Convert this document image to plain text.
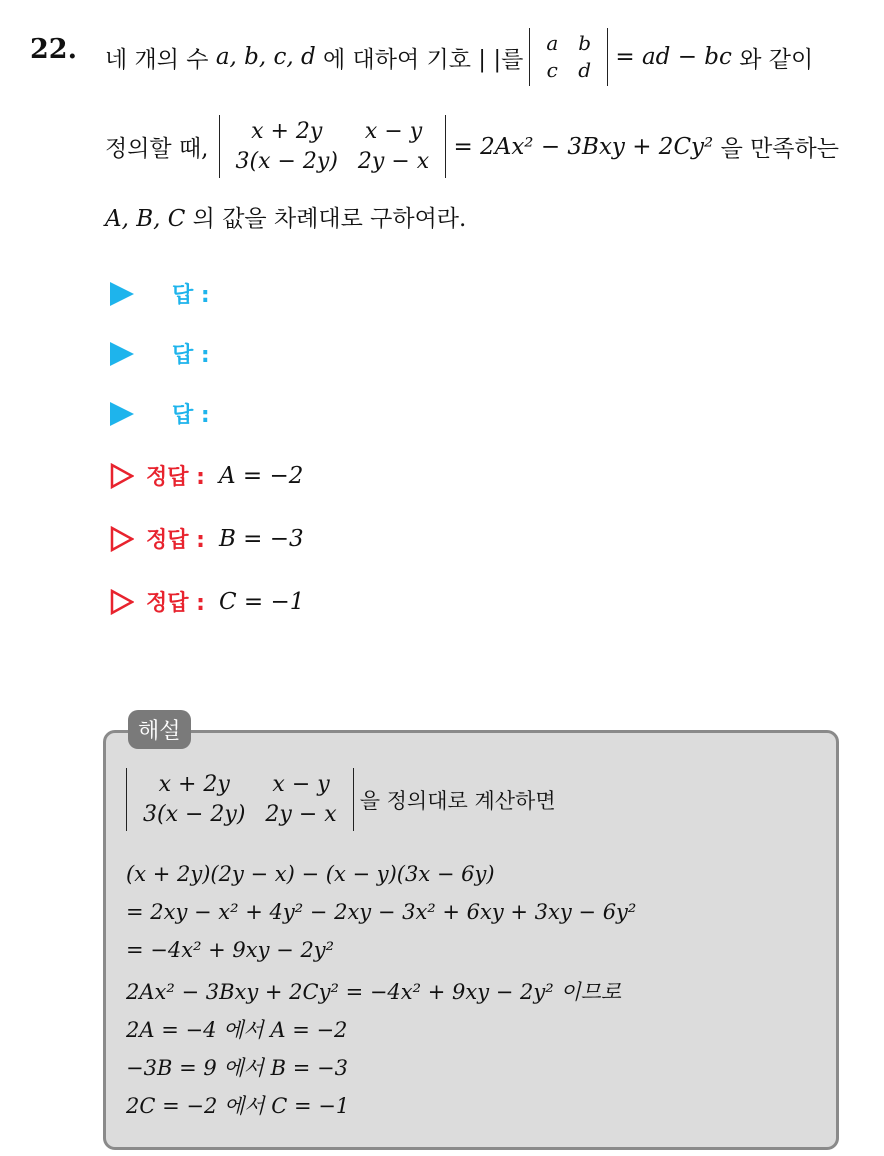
22. 네 개의 수
a, b, c, d
에 대하여 기호 | |를
a	b
c	d
= ad − bc
와 같이
정의할 때,
x + 2y	x − y
3(x − 2y)	2y − x

= 2Ax² − 3Bxy + 2Cy²
을 만족하는
A, B, C 의 값을 차례대로 구하여라.
답 :
답 :
답 :
정답 : A = −2
정답 : B = −3
정답 : C = −1
해설
x + 2y	x − y
3(x − 2y)	2y − x
을 정의대로 계산하면
(x + 2y)(2y − x) − (x − y)(3x − 6y)
= 2xy − x² + 4y² − 2xy − 3x² + 6xy + 3xy − 6y²
= −4x² + 9xy − 2y²
2Ax² − 3Bxy + 2Cy² = −4x² + 9xy − 2y² 이므로
2A = −4 에서 A = −2
−3B = 9 에서 B = −3
2C = −2 에서 C = −1
